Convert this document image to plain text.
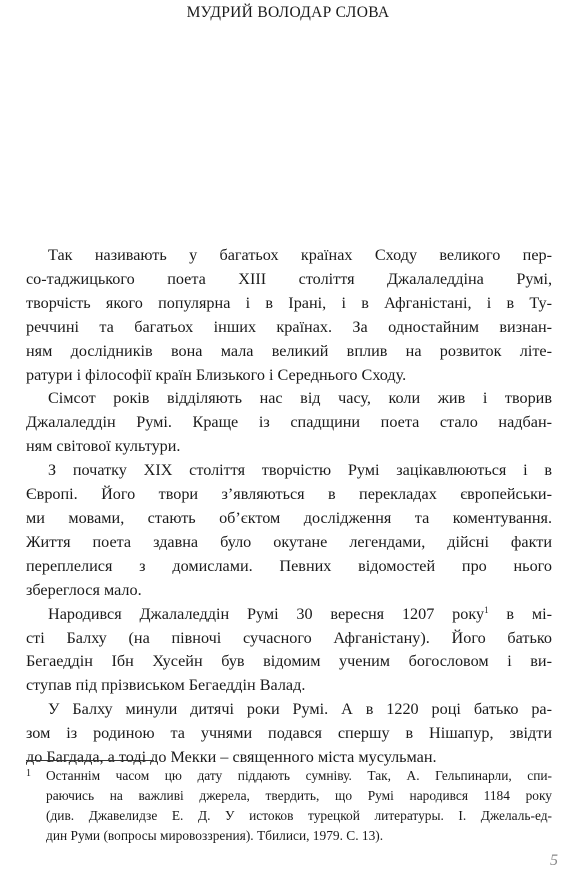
МУДРИЙ ВОЛОДАР СЛОВА
Так називають у багатьох країнах Сходу великого пер-
со-таджицького поета XIII століття Джалаледдіна Румі,
творчість якого популярна і в Ірані, і в Афганістані, і в Ту-
реччині та багатьох інших країнах. За одностайним визнан-
ням дослідників вона мала великий вплив на розвиток літе-
ратури і філософії країн Близького і Середнього Сходу.
Сімсот років відділяють нас від часу, коли жив і творив
Джалаледдін Румі. Краще із спадщини поета стало надбан-
ням світової культури.
З початку XIX століття творчістю Румі зацікавлюються і в
Європі. Його твори з’являються в перекладах європейськи-
ми мовами, стають об’єктом дослідження та коментування.
Життя поета здавна було окутане легендами, дійсні факти
переплелися з домислами. Певних відомостей про нього
збереглося мало.
Народився Джалаледдін Румі 30 вересня 1207 року$^1$ в мі-
сті Балху (на півночі сучасного Афганістану). Його батько
Бегаеддін Ібн Хусейн був відомим ученим богословом і ви-
ступав під прізвиськом Бегаеддін Валад.
У Балху минули дитячі роки Румі. А в 1220 році батько ра-
зом із родиною та учнями подався спершу в Нішапур, звідти
до Багдада, а тоді до Мекки – священного міста мусульман.
1 Останнім часом цю дату піддають сумніву. Так, А. Гельпинарли, спи-
раючись на важливі джерела, твердить, що Румі народився 1184 року
(див. Джавелидзе Е. Д. У истоков турецкой литературы. I. Джелаль-ед-
дин Руми (вопросы мировоззрения). Тбилиси, 1979. С. 13).
5
